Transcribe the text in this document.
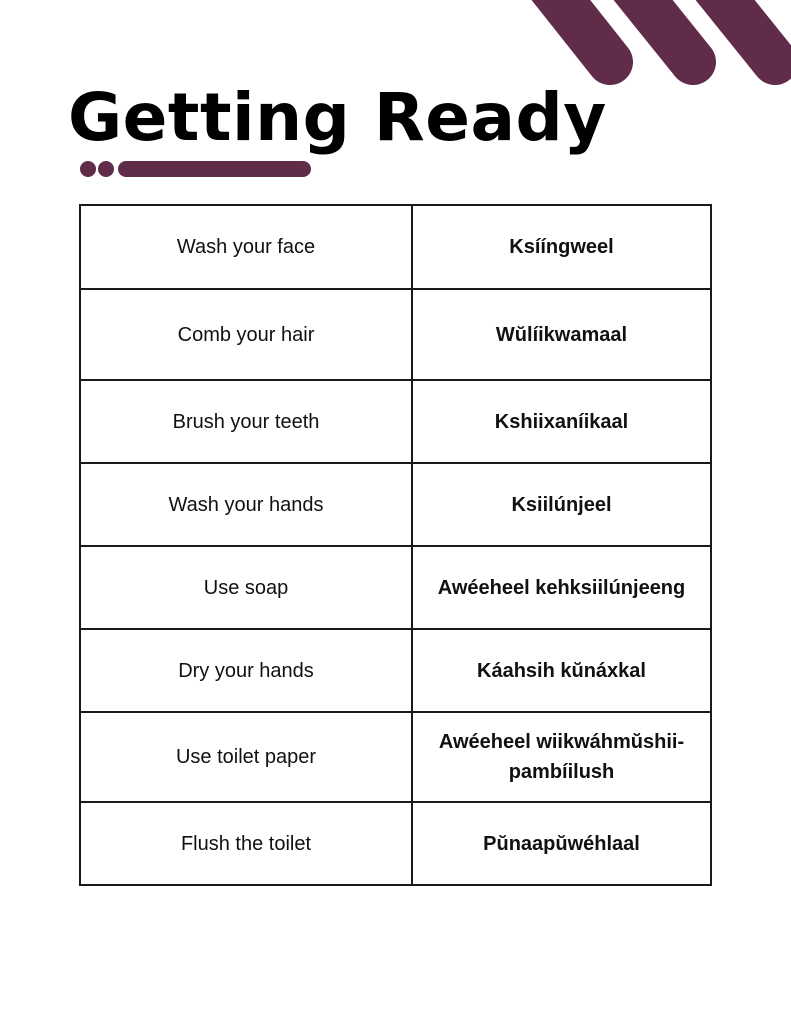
Getting Ready
Wash your face	Ksííngweel
Comb your hair	Wŭlíikwamaal
Brush your teeth	Kshiixaníikaal
Wash your hands	Ksiilúnjeel
Use soap	Awéeheel kehksiilúnjeeng
Dry your hands	Káahsih kŭnáxkal
Use toilet paper	Awéeheel wiikwáhmŭshii-pambíilush
Flush the toilet	Pŭnaapŭwéhlaal
